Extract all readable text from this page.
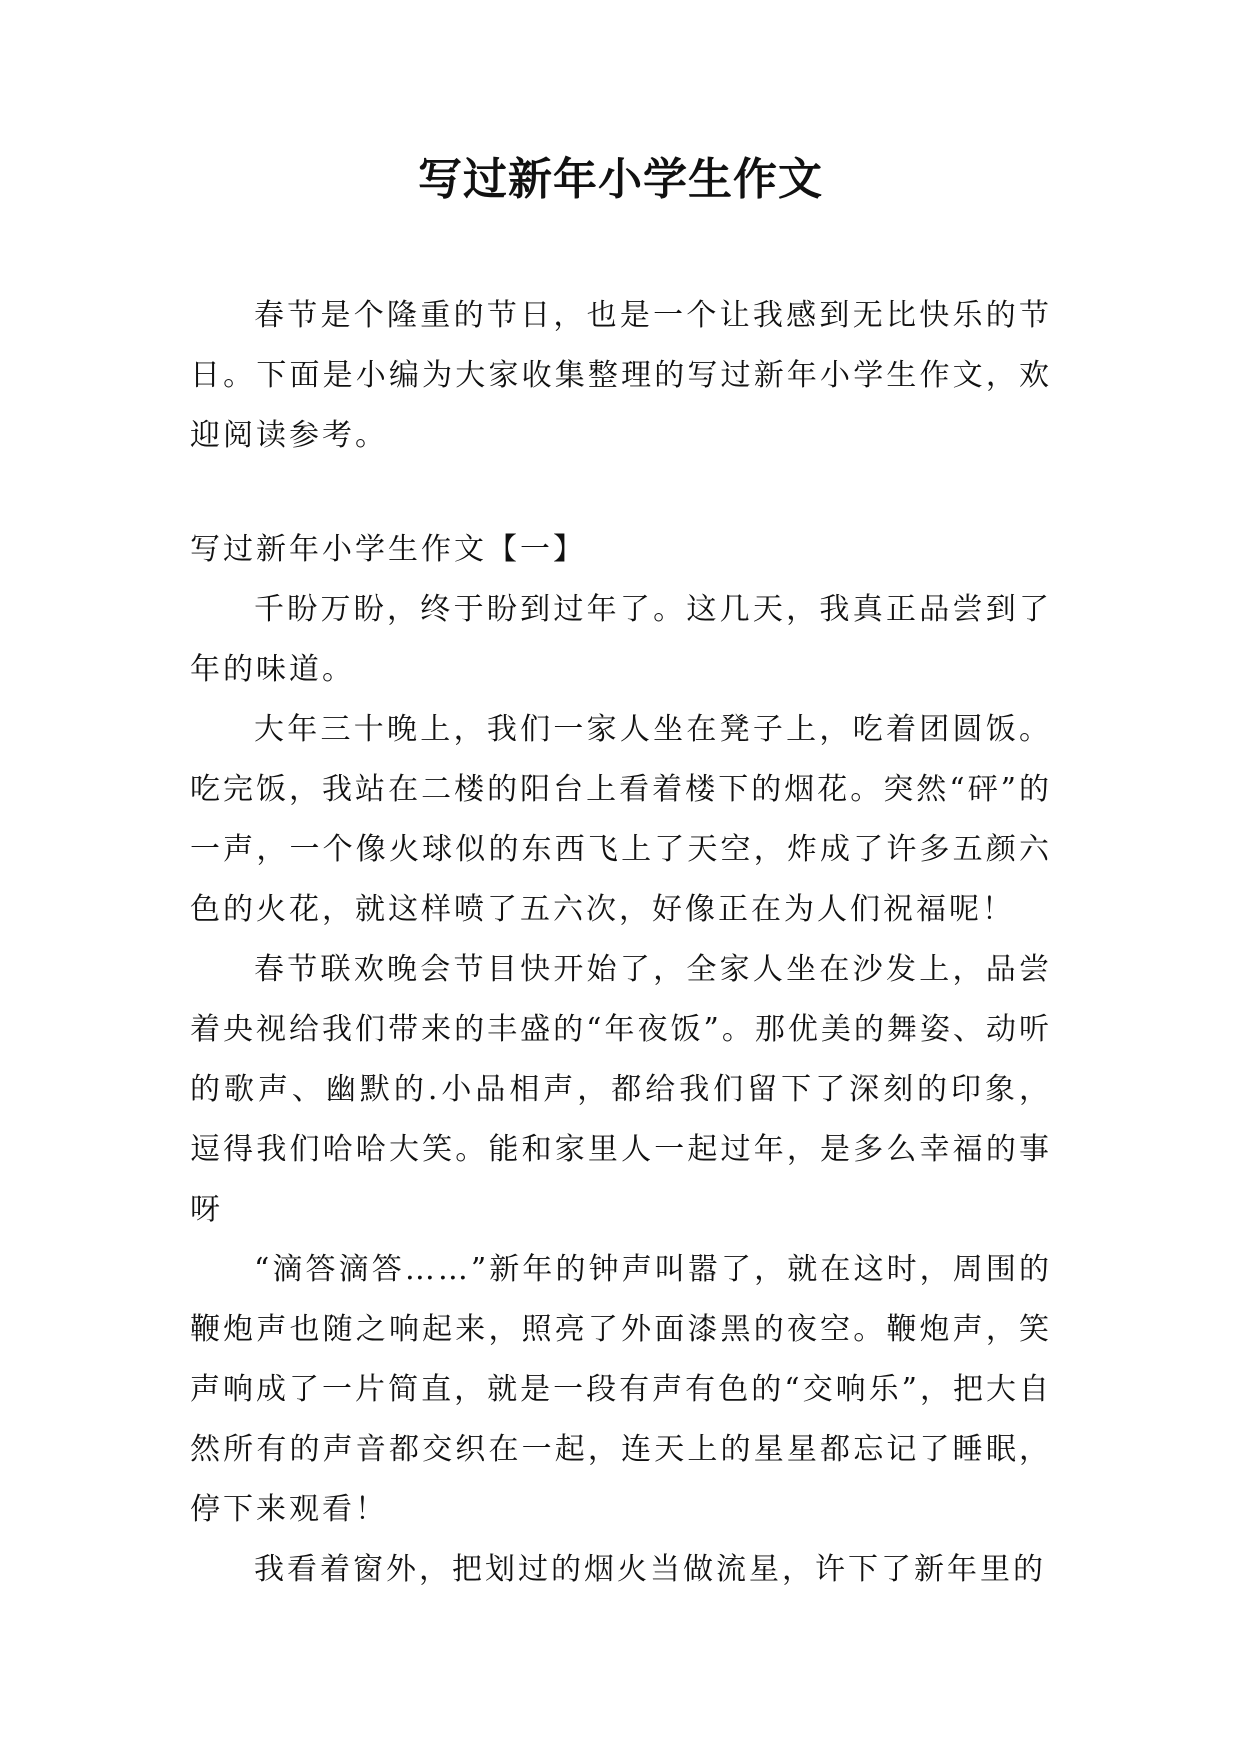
写过新年小学生作文

春节是个隆重的节日，也是一个让我感到无比快乐的节日。下面是小编为大家收集整理的写过新年小学生作文，欢迎阅读参考。

写过新年小学生作文【一】

千盼万盼，终于盼到过年了。这几天，我真正品尝到了年的味道。

大年三十晚上，我们一家人坐在凳子上，吃着团圆饭。吃完饭，我站在二楼的阳台上看着楼下的烟花。突然“砰”的一声，一个像火球似的东西飞上了天空，炸成了许多五颜六色的火花，就这样喷了五六次，好像正在为人们祝福呢！

春节联欢晚会节目快开始了，全家人坐在沙发上，品尝着央视给我们带来的丰盛的“年夜饭”。那优美的舞姿、动听的歌声、幽默的.小品相声，都给我们留下了深刻的印象，逗得我们哈哈大笑。能和家里人一起过年，是多么幸福的事呀

“滴答滴答……”新年的钟声叫嚣了，就在这时，周围的鞭炮声也随之响起来，照亮了外面漆黑的夜空。鞭炮声，笑声响成了一片简直，就是一段有声有色的“交响乐”，把大自然所有的声音都交织在一起，连天上的星星都忘记了睡眠，停下来观看！

我看着窗外，把划过的烟火当做流星，许下了新年里的
